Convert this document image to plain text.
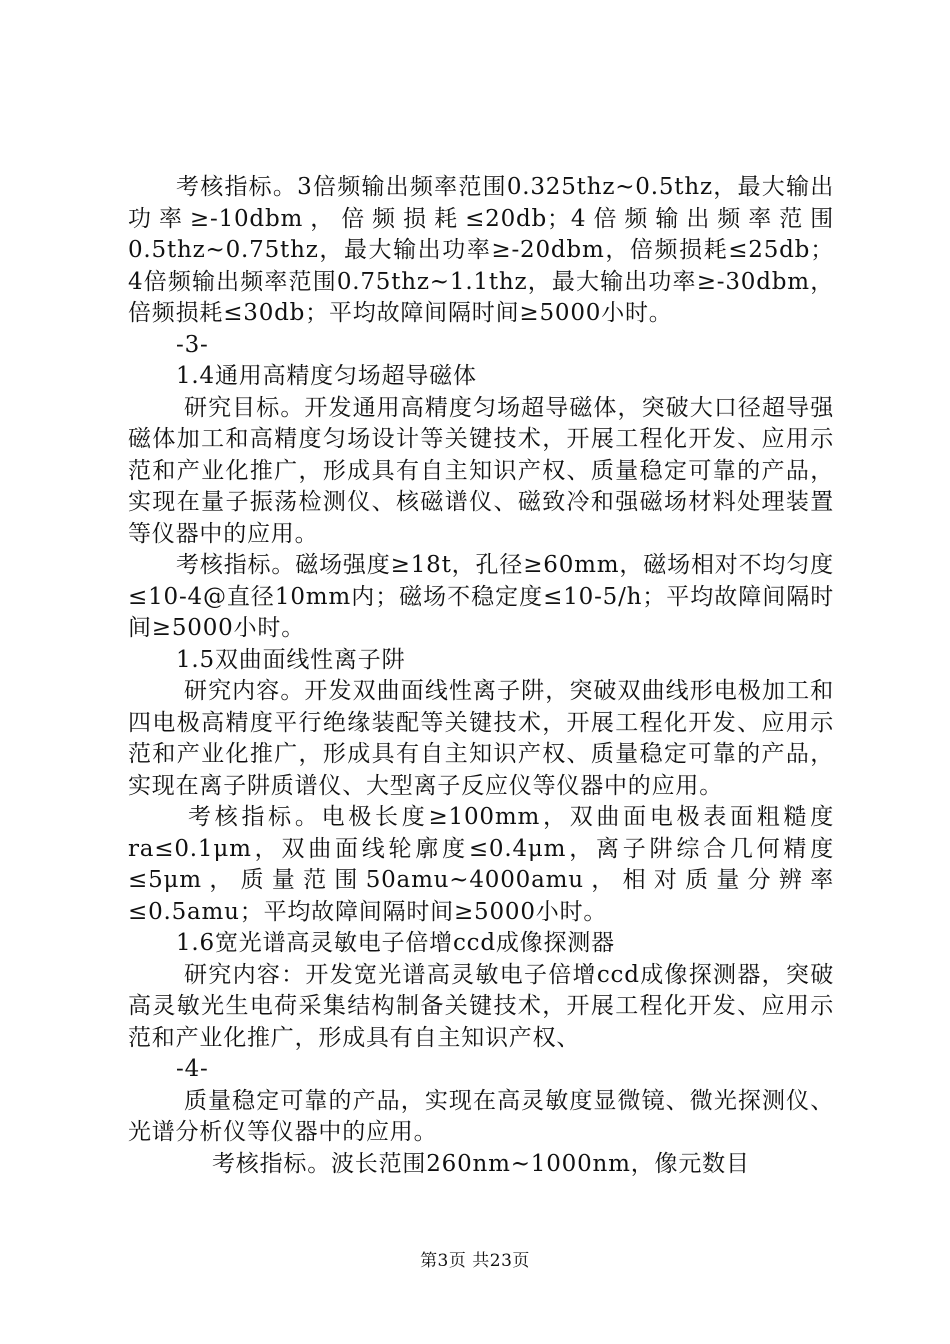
考核指标。3倍频输出频率范围0.325thz~0.5thz，最大输出功率≥-10dbm，倍频损耗≤20db；4倍频输出频率范围0.5thz~0.75thz，最大输出功率≥-20dbm，倍频损耗≤25db；4倍频输出频率范围0.75thz~1.1thz，最大输出功率≥-30dbm，倍频损耗≤30db；平均故障间隔时间≥5000小时。

-3-

1.4通用高精度匀场超导磁体

研究目标。开发通用高精度匀场超导磁体，突破大口径超导强磁体加工和高精度匀场设计等关键技术，开展工程化开发、应用示范和产业化推广，形成具有自主知识产权、质量稳定可靠的产品，实现在量子振荡检测仪、核磁谱仪、磁致冷和强磁场材料处理装置等仪器中的应用。

考核指标。磁场强度≥18t，孔径≥60mm，磁场相对不均匀度≤10-4@直径10mm内；磁场不稳定度≤10-5/h；平均故障间隔时间≥5000小时。

1.5双曲面线性离子阱

研究内容。开发双曲面线性离子阱，突破双曲线形电极加工和四电极高精度平行绝缘装配等关键技术，开展工程化开发、应用示范和产业化推广，形成具有自主知识产权、质量稳定可靠的产品，实现在离子阱质谱仪、大型离子反应仪等仪器中的应用。

考核指标。电极长度≥100mm，双曲面电极表面粗糙度ra≤0.1μm，双曲面线轮廓度≤0.4μm，离子阱综合几何精度≤5μm，质量范围50amu~4000amu，相对质量分辨率≤0.5amu；平均故障间隔时间≥5000小时。

1.6宽光谱高灵敏电子倍增ccd成像探测器

研究内容：开发宽光谱高灵敏电子倍增ccd成像探测器，突破高灵敏光生电荷采集结构制备关键技术，开展工程化开发、应用示范和产业化推广，形成具有自主知识产权、

-4-

质量稳定可靠的产品，实现在高灵敏度显微镜、微光探测仪、光谱分析仪等仪器中的应用。

考核指标。波长范围260nm~1000nm，像元数目

第3页 共23页
